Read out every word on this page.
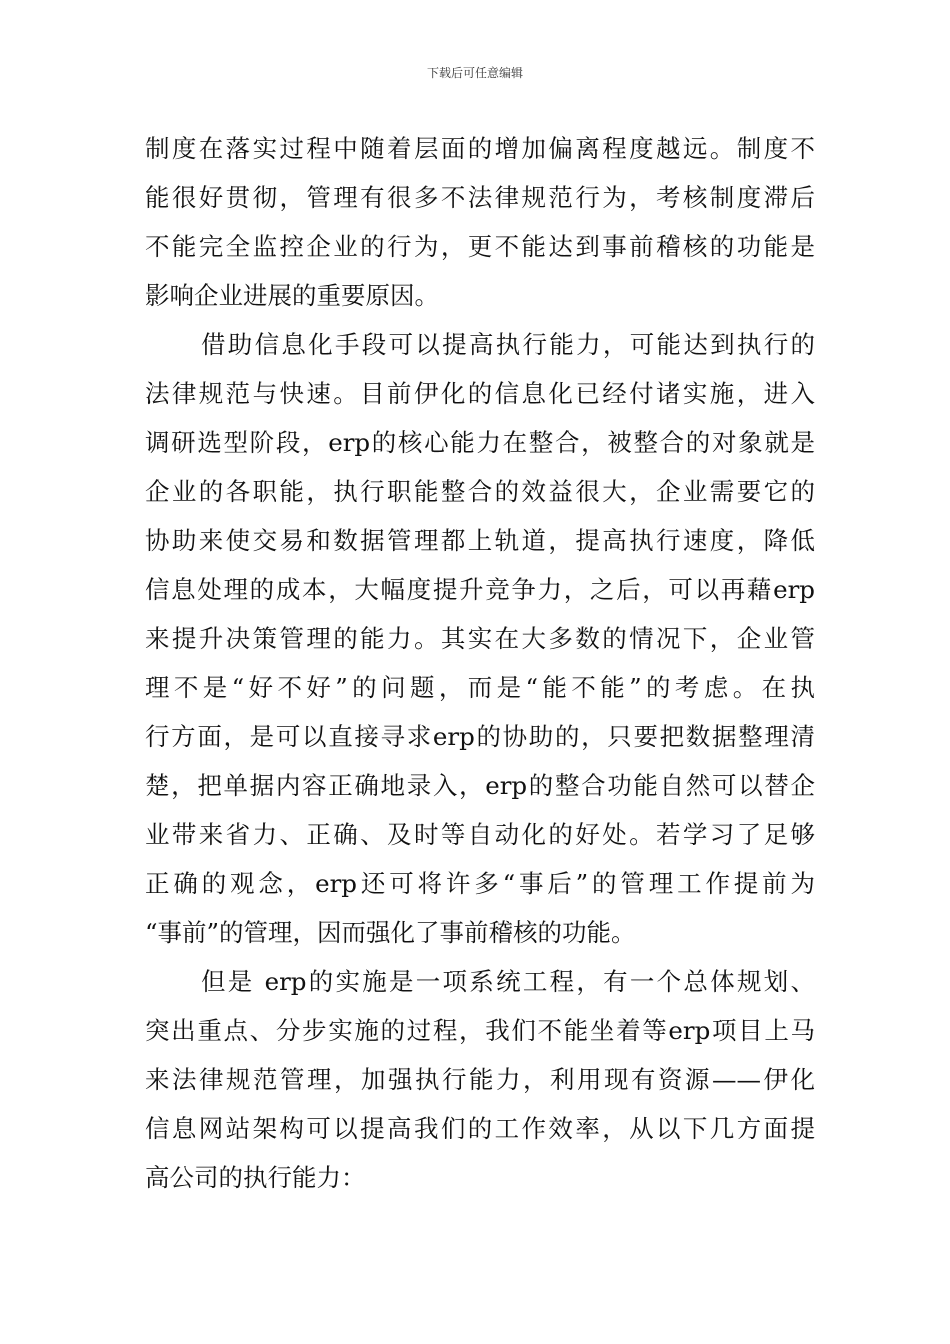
下载后可任意编辑
制度在落实过程中随着层面的增加偏离程度越远。制度不
能很好贯彻，管理有很多不法律规范行为，考核制度滞后
不能完全监控企业的行为，更不能达到事前稽核的功能是
影响企业进展的重要原因。
借助信息化手段可以提高执行能力，可能达到执行的
法律规范与快速。目前伊化的信息化已经付诸实施，进入
调研选型阶段，erp的核心能力在整合，被整合的对象就是
企业的各职能，执行职能整合的效益很大，企业需要它的
协助来使交易和数据管理都上轨道，提高执行速度，降低
信息处理的成本，大幅度提升竞争力，之后，可以再藉erp
来提升决策管理的能力。其实在大多数的情况下，企业管
理不是“好不好”的问题，而是“能不能”的考虑。在执
行方面，是可以直接寻求erp的协助的，只要把数据整理清
楚，把单据内容正确地录入，erp的整合功能自然可以替企
业带来省力、正确、及时等自动化的好处。若学习了足够
正确的观念，erp还可将许多“事后”的管理工作提前为
“事前”的管理，因而强化了事前稽核的功能。
但是 erp的实施是一项系统工程，有一个总体规划、
突出重点、分步实施的过程，我们不能坐着等erp项目上马
来法律规范管理，加强执行能力，利用现有资源——伊化
信息网站架构可以提高我们的工作效率，从以下几方面提
高公司的执行能力：
